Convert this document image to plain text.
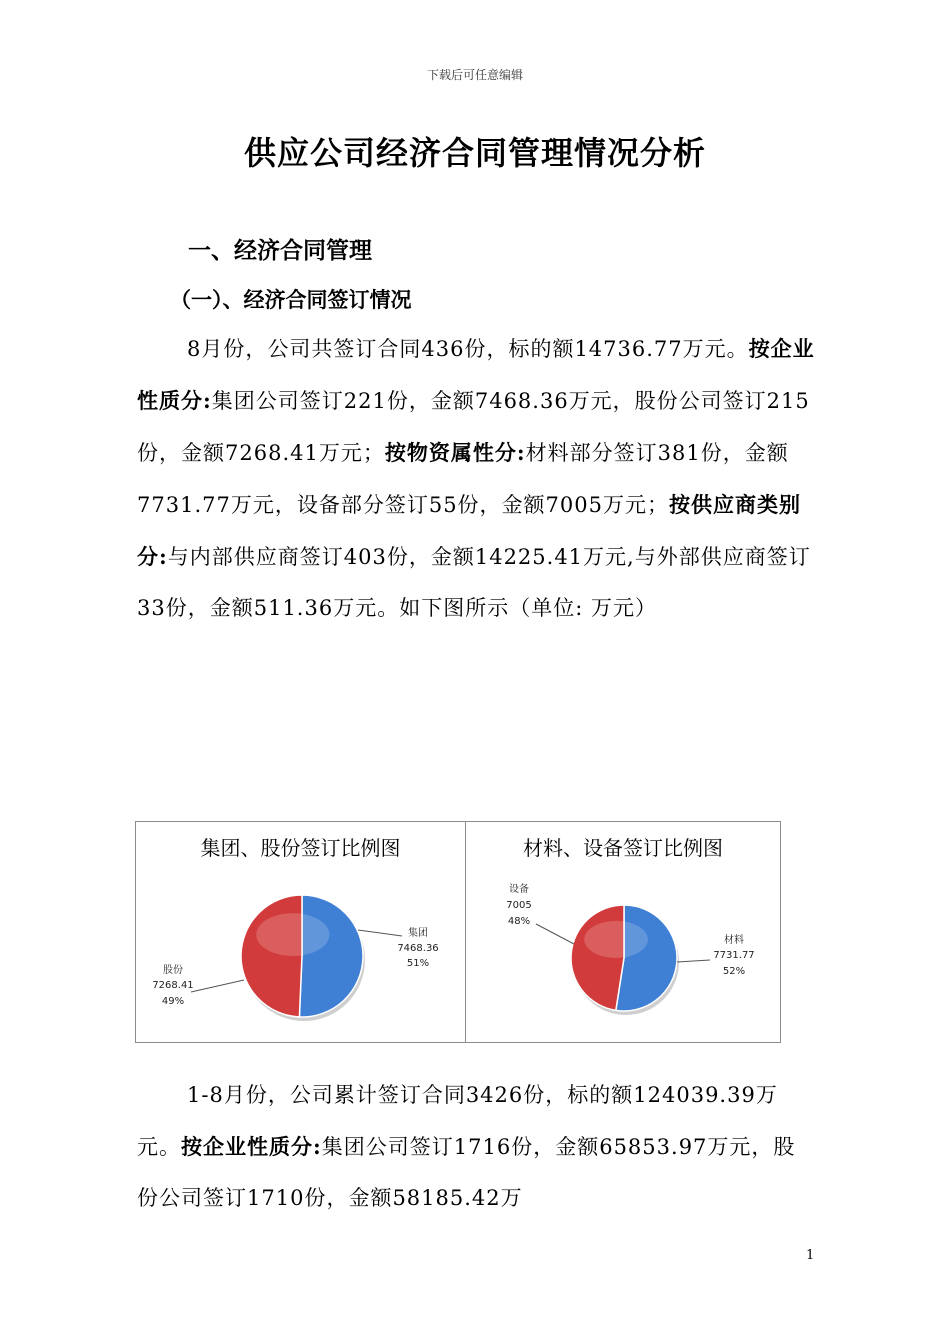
下载后可任意编辑
供应公司经济合同管理情况分析
一、经济合同管理
（一）、经济合同签订情况

8月份，公司共签订合同436份，标的额14736.77万元。按企业性质分:集团公司签订221份，金额7468.36万元，股份公司签订215份，金额7268.41万元；按物资属性分:材料部分签订381份，金额7731.77万元，设备部分签订55份，金额7005万元；按供应商类别分:与内部供应商签订403份，金额14225.41万元,与外部供应商签订33份，金额511.36万元。如下图所示（单位: 万元）

集团、股份签订比例图
集团
7468.36
51%
股份
7268.41
49%
材料、设备签订比例图
材料
7731.77
52%
设备
7005
48%

1-8月份，公司累计签订合同3426份，标的额124039.39万元。按企业性质分:集团公司签订1716份，金额65853.97万元，股份公司签订1710份，金额58185.42万

1
